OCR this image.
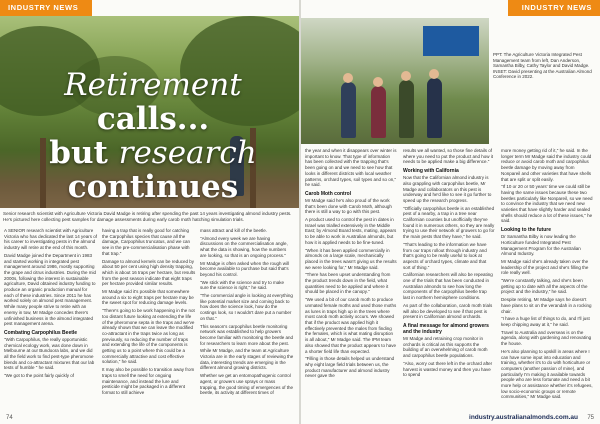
INDUSTRY NEWS
Retirement calls...
but research continues
Senior research scientist with Agriculture Victoria David Madge is retiring after spending the past 14 years investigating almond industry pests. He's pictured here collecting pest samples for damage assessments during early carob moth hatching simulation trials.

A SENIOR research scientist with Agriculture Victoria who has dedicated the last 14 years of his career to investigating pests in the almond industry will retire at the end of this month.

David Madge joined the Department in 1983 and started working in integrated pest management around 1986, mostly supporting the grape and citrus industries. During the mid 2000s, following the interest in sustainable agriculture, David obtained industry funding to produce an organic production manual for each of these industries. Since 2011 he has worked solely on almond pest management. While many people strive to retire with an enemy in tow, Mr Madge concedes there's unfinished business in the almond integrated pest management arena.

Combating Carpophilus Beetle

"With Carpophilus, the really opportunistic chemical ecology work, was done down in Melbourne at our Bundoora labs, and we did all the field work to find pest-type pheromone blends and co-attractant mixtures that our lab tests of humble " he said.

"We got to the point fairly quickly of

having a trap that is really good for catching the Carpophilus species that cause all the damage, Carpophilus truncatus, and we can see in the pre-commercialisation phase with that trap."

Damage to almond kernels can be reduced by about 50 per cent using high density trapping, which is about 16 traps per hectare, but results from the pest season indicate that eight traps per hectare provided similar results.

Mr Madge said it's possible that somewhere around a six to eight traps per hectare may be the sweet spot for reducing damage levels.

"There's going to be work happening in the not too distant future looking at extending the life of the pheromone septa in the traps and we've already shown that we can leave the modified co-attractant in the traps twice as long as previously, so reducing the number of traps and extending the life of the components is getting us to a point where this could be a commercially attractive and cost effective solution," he said.

It may also be possible to transition away from traps to smell the need for ongoing maintenance, and instead the lure and pesticide might be packaged in a different format to still achieve

mass attract and kill of the beetle.

"Almond every week we are having discussions on the commercialisation angle, what the data is showing, how the numbers are looking, so that is an ongoing process."

Mr Madge is often asked when the rough will become available to purchase but said that's beyond his control.

"We stick with the science and try to make sure the science is right," he said.

"The commercial angle is looking at everything like potential market size and coming back to how does the science look, how do the costings look, so I wouldn't dare put a number on that."

This season's carpophilus beetle monitoring network was established to help growers become familiar with monitoring the beetle and for researchers to learn more about the pest.

While Mr Madge, and the team at Agriculture Victoria are in the early stages of reviewing the data, interesting trends are emerging in the different almond growing districts.

Whether we get an entomopathogenic control agent, or growers use sprays or mass trapping, the good timing of emergences of the beetle, its activity at different times of

74
INDUSTRY NEWS
PPT: The Agriculture Victoria Integrated Pest Management team from left, Dan Anderson, Samantha Bilby, Cathy Taylor and David Madge.
INSET: David presenting at the Australian Almond Conference in 2022.

the year and when it disappears over winter is important to know. That type of information has been collected with the trapping that's been going on and we need to see how that looks in different districts with local weather patterns, orchard types, soil types and so on," he said.

Carob Moth control

Mr Madge said he's also proud of the work that's been done with Carob Moth, although there is still a way to go with this pest.

A product used to control the pest in dates in Israel was trialled extensively in the Middle East; by Almond Board tests, mating, appears to be able to work in Australian almonds, but how it is applied needs to be fine-tuned.

"When it has been applied commercially in almonds on a large scale, mechanically placed in the trees wasn't giving us the results we were looking for," Mr Madge said.

"There has been upset understanding from the product trends down in the field, what quantities need to be applied and where it should be placed in the canopy."

"We used a bit of our carob moth to produce unmated female moths and used those moths as lures in traps high up in the trees where most carob moth activity occurs. We showed that if the product was applied high it effectively prevented the males from finding the females, which is what mating disruption is all about," Mr Madge said. The IPM team also showed that the product appears to have a shorter field life than expected.

"Filling in those details helped us understand why eight large field trials between us, the product manufacturer and almond industry never gave the

results we all wanted, so those fine details of where you need to put the product and how it needs to be applied make a big difference."

Working with California

Now that the Californian almond industry is also grappling with carpophilus beetle, Mr Madge and collaborators on this pest is underway and he'd like to see it go further to speed up the research progress.

"Officially carpophilus beetle is an established pest of a nearby, a trap in a tree near Californian counties but unofficially they've found it in numerous others, so they are really trying to use their network of growers to go for the main pests that they have," he said.

"That's leading to the information we have from our traps rollout through industry and that's going to be really useful to look at aspects of orchard types, climate and that sort of thing."

Californian researchers will also be repeating one of the trials that has been conducted in Australian almonds to see how long the components of the carpophilus beetle trap last in northern hemisphere conditions.

As part of the collaboration, carob moth trials will also be developed to see if that pest is present in Californian almond orchards.

A final message for almond growers and the industry

Mr Madge and retraining crop monitor in orchards is critical as this supports the building of an overwhelming of carob moth and carpophilus beetle populations.

"Also, worry out there left in the orchard after harvest is wasted money and then you have to spend

more money getting rid of it," he said. In the longer term Mr Madge said the industry could reduce or avoid carob moth and carpophilus beetle damage by moving away from Nonpareil and other varieties that have shells that are split or split easily.

"If 10 or 20 or 50 years' time we could still be having the same issues because these two beetles particularly like Nonpareil, so we need to convince the industry that we need new varieties that have slightly harder and sealed shells should reduce a lot of these issues," he said.

Looking to the future

Dr Samantha Bilby is now leading the Horticulture funded Integrated Pest Management Program for the Australian Almond Industry.

Mr Madge said she's already taken over the leadership of the project and she's filling the role really well.

"We're constantly talking, and she's been getting up to date with all the aspects of the project and the industry," he said.

Despite retiring, Mr Madge says he doesn't have plans to sit on the verandah in a rocking chair.

"I have a huge list of things to do, and I'll just keep chipping away at it," he said.

Travel to Australia and overseas is on the agenda, along with gardening and renovating the house.

He's also planning to upskill in areas where I can have some input into education and training, whether it's to do with horticulture or computers (another passion of mine), and particularly I'm making it available towards people who are less fortunate and need a bit more help or assistance whether it's refugees, low socio-economic groups or remote communities," Mr Madge said.

industry.australianalmonds.com.au 75
